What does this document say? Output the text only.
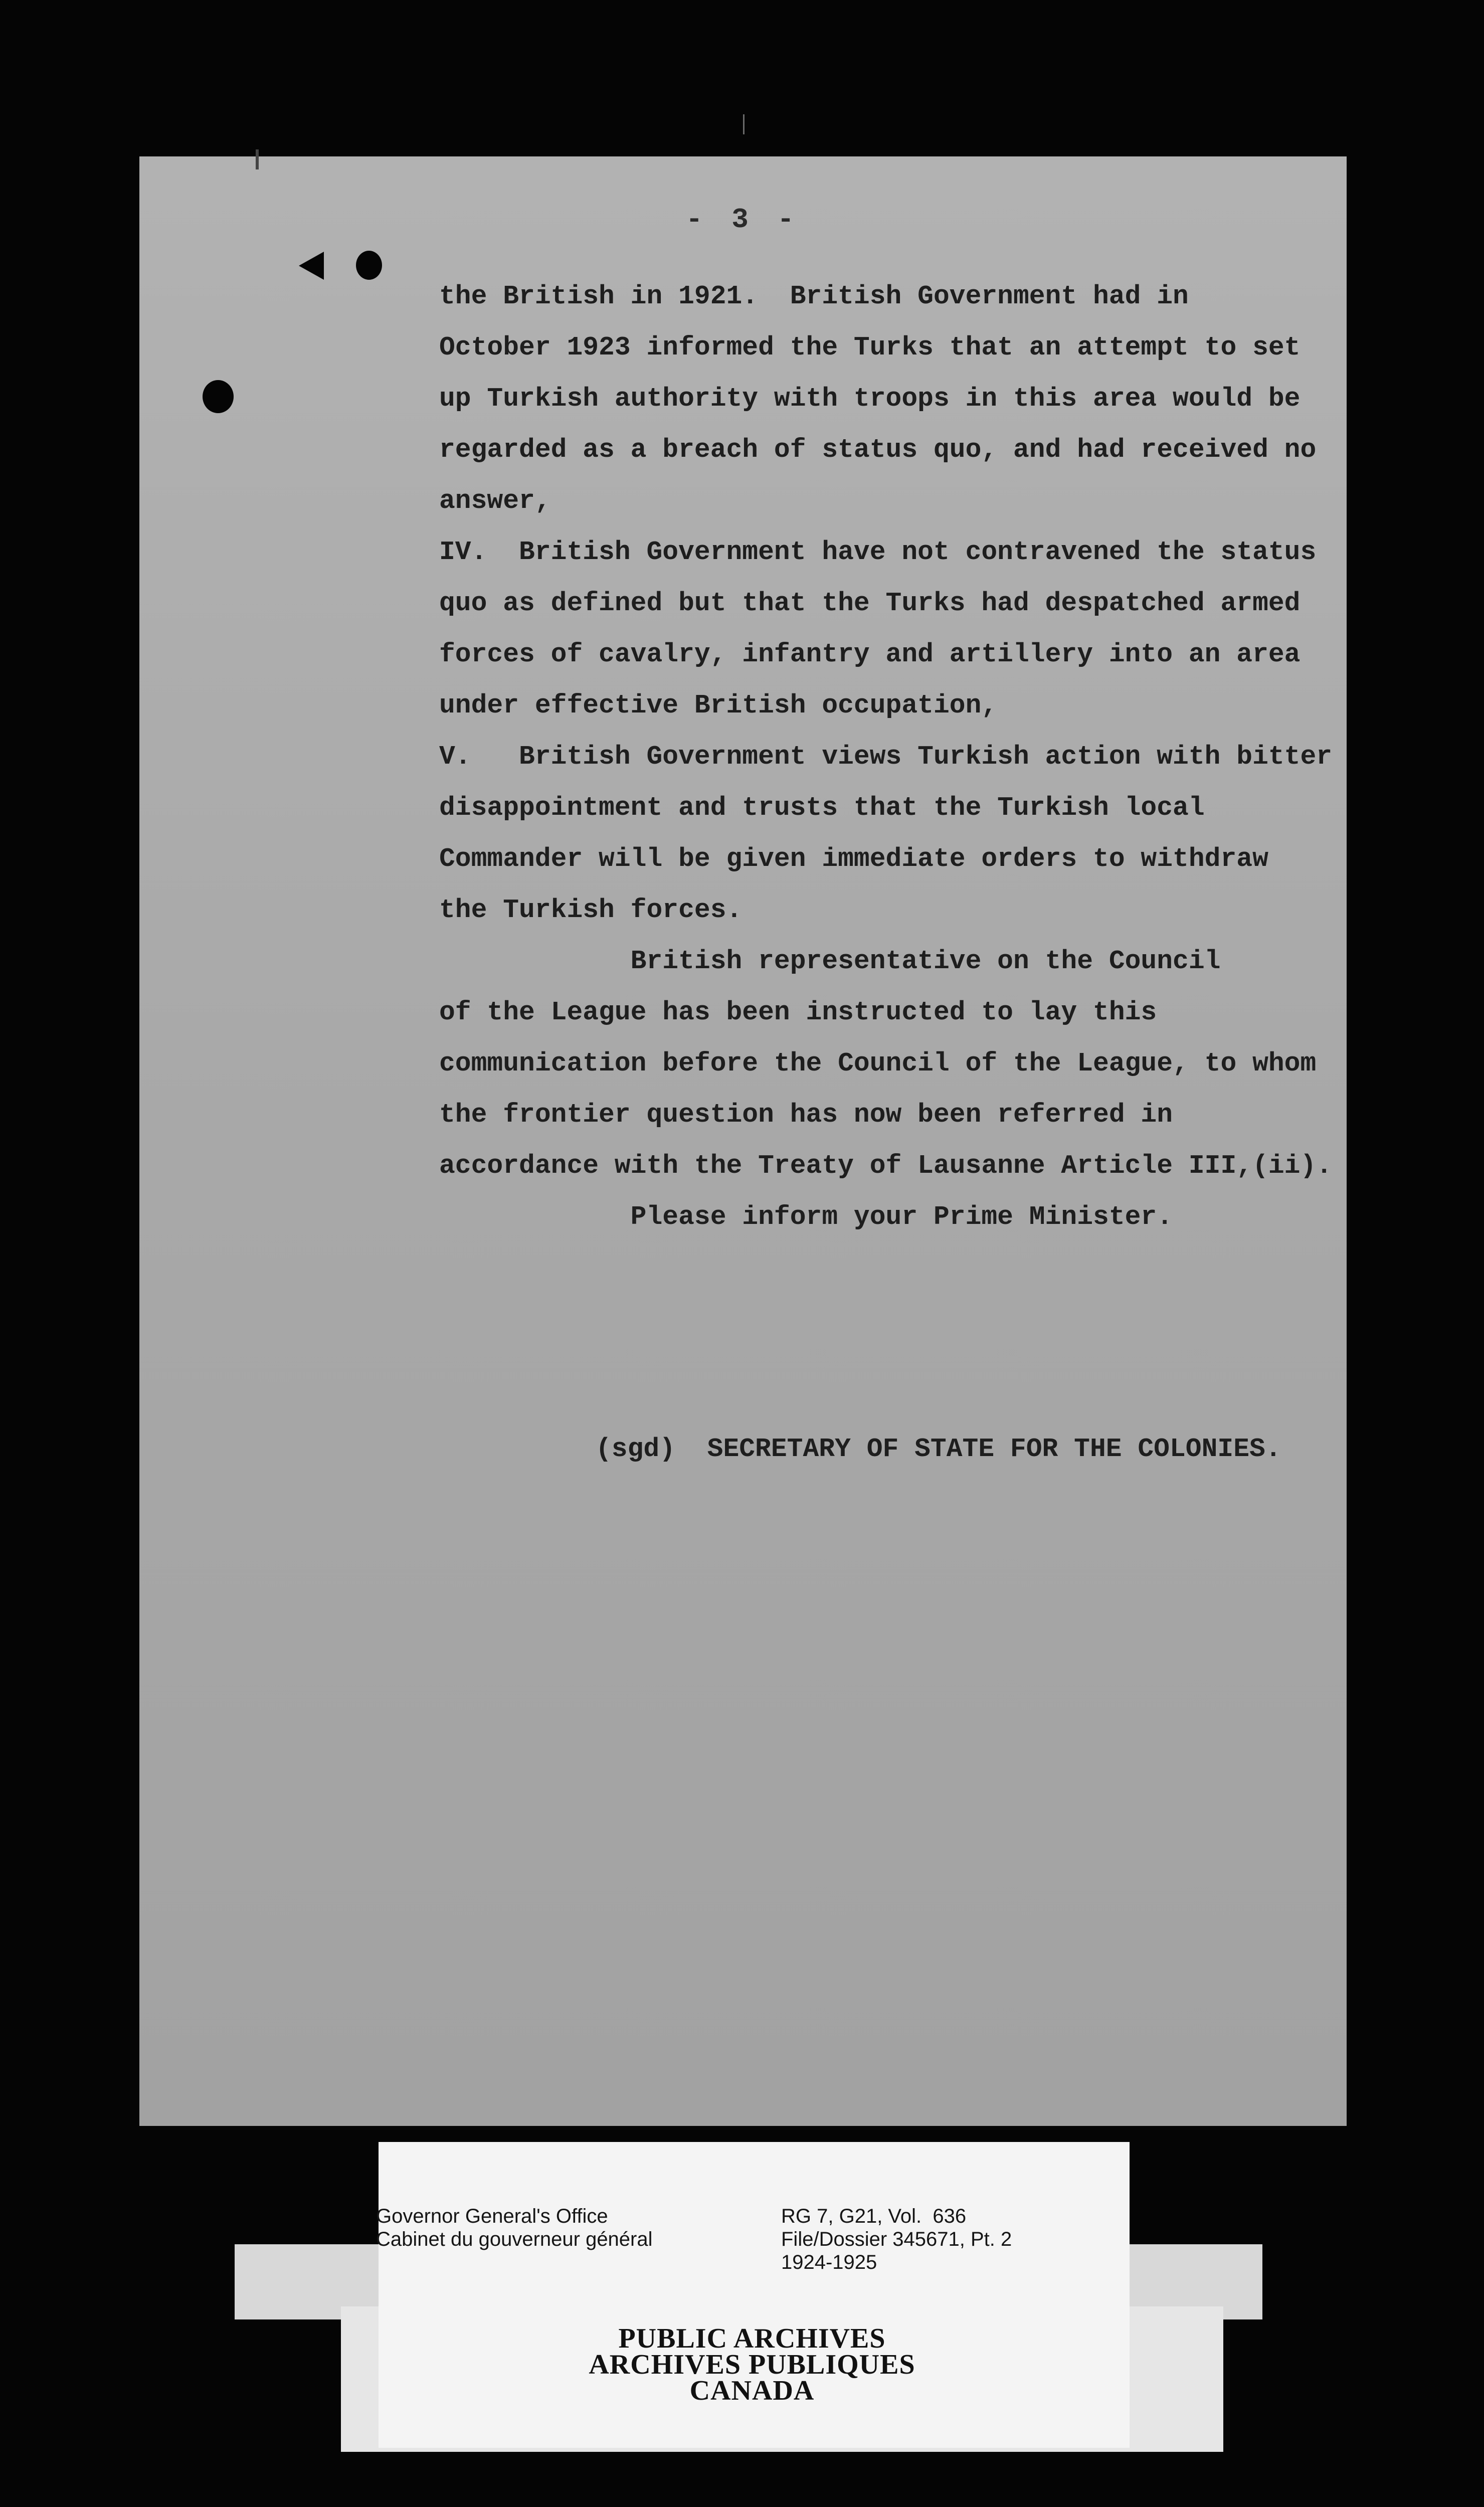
- 3 -
the British in 1921.  British Government had in
October 1923 informed the Turks that an attempt to set
up Turkish authority with troops in this area would be
regarded as a breach of status quo, and had received no
answer,
IV.  British Government have not contravened the status
quo as defined but that the Turks had despatched armed
forces of cavalry, infantry and artillery into an area
under effective British occupation,
V.   British Government views Turkish action with bitter
disappointment and trusts that the Turkish local
Commander will be given immediate orders to withdraw
the Turkish forces.
British representative on the Council
of the League has been instructed to lay this
communication before the Council of the League, to whom
the frontier question has now been referred in
accordance with the Treaty of Lausanne Article III,(ii).
Please inform your Prime Minister.
(sgd)  SECRETARY OF STATE FOR THE COLONIES.
Governor General's Office
Cabinet du gouverneur général
RG 7, G21, Vol.  636
File/Dossier 345671, Pt. 2
1924-1925
PUBLIC ARCHIVES
ARCHIVES PUBLIQUES
CANADA
